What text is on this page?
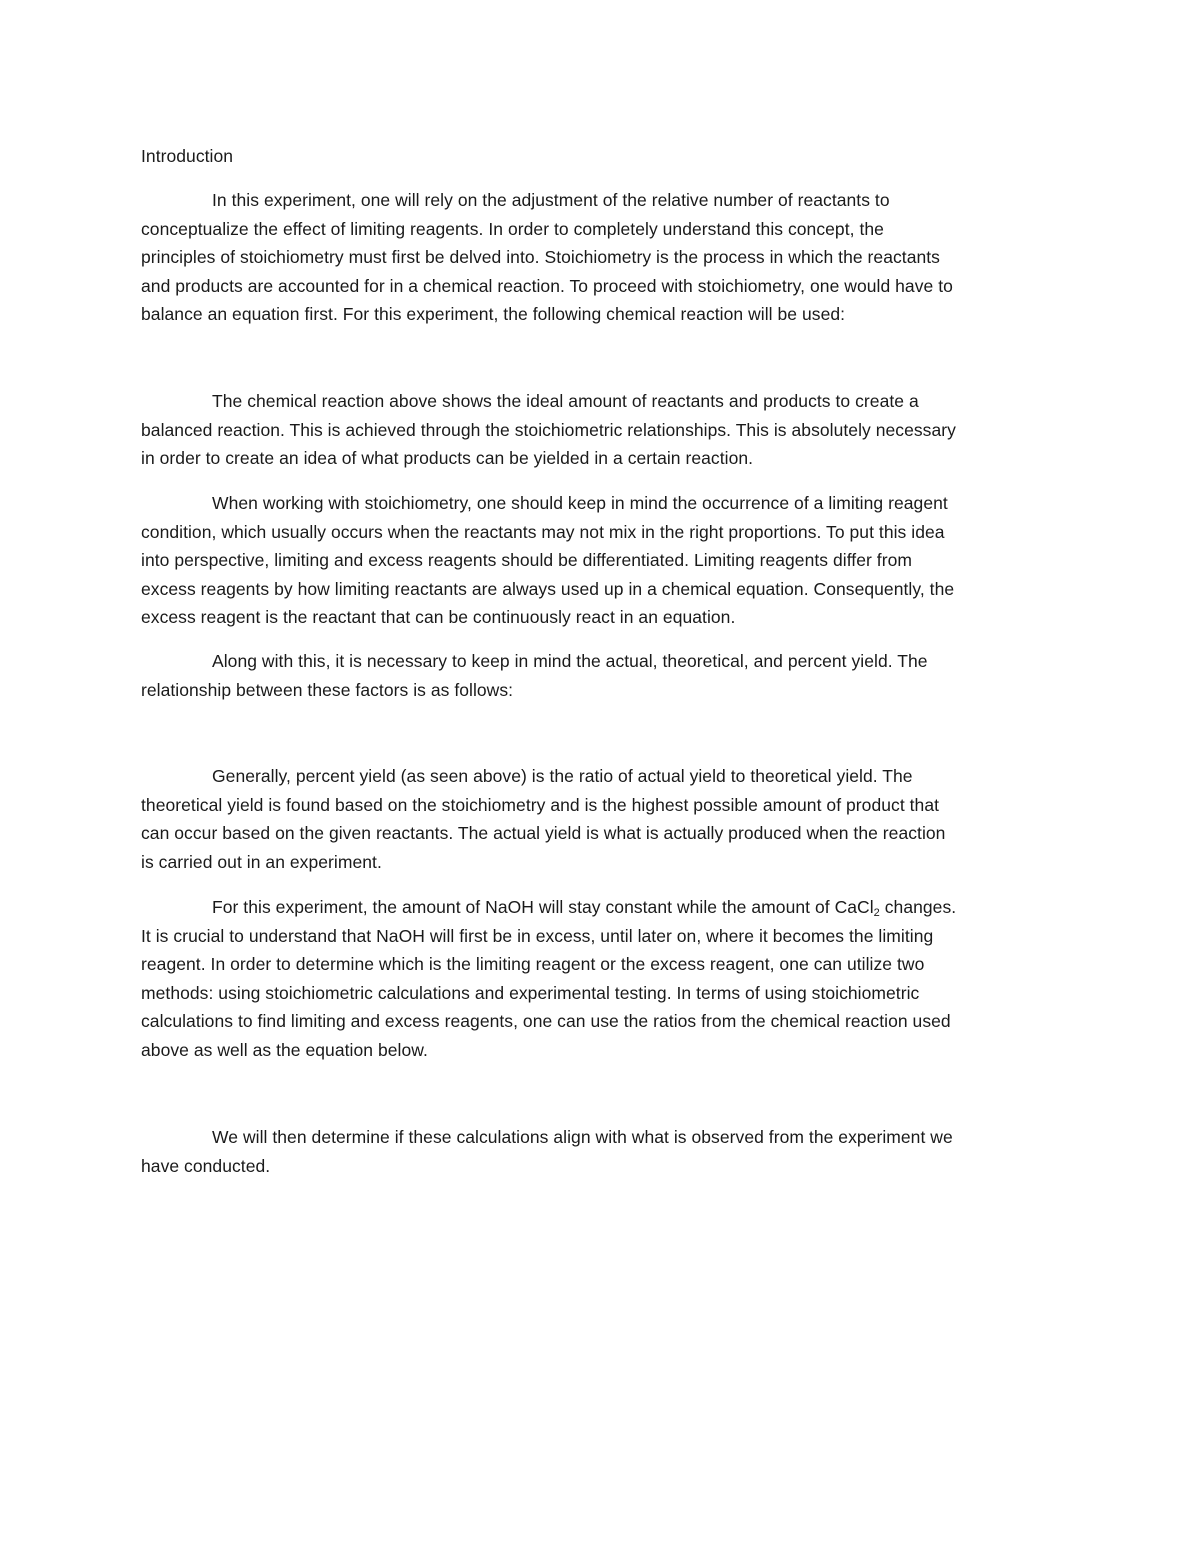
Introduction
In this experiment, one will rely on the adjustment of the relative number of reactants to
conceptualize the effect of limiting reagents. In order to completely understand this concept, the
principles of stoichiometry must first be delved into. Stoichiometry is the process in which the reactants
and products are accounted for in a chemical reaction. To proceed with stoichiometry, one would have to
balance an equation first. For this experiment, the following chemical reaction will be used:
The chemical reaction above shows the ideal amount of reactants and products to create a
balanced reaction. This is achieved through the stoichiometric relationships. This is absolutely necessary
in order to create an idea of what products can be yielded in a certain reaction.
When working with stoichiometry, one should keep in mind the occurrence of a limiting reagent
condition, which usually occurs when the reactants may not mix in the right proportions. To put this idea
into perspective, limiting and excess reagents should be differentiated. Limiting reagents differ from
excess reagents by how limiting reactants are always used up in a chemical equation. Consequently, the
excess reagent is the reactant that can be continuously react in an equation.
Along with this, it is necessary to keep in mind the actual, theoretical, and percent yield. The
relationship between these factors is as follows:
Generally, percent yield (as seen above) is the ratio of actual yield to theoretical yield. The
theoretical yield is found based on the stoichiometry and is the highest possible amount of product that
can occur based on the given reactants. The actual yield is what is actually produced when the reaction
is carried out in an experiment.
For this experiment, the amount of NaOH will stay constant while the amount of CaCl2 changes.
It is crucial to understand that NaOH will first be in excess, until later on, where it becomes the limiting
reagent. In order to determine which is the limiting reagent or the excess reagent, one can utilize two
methods: using stoichiometric calculations and experimental testing. In terms of using stoichiometric
calculations to find limiting and excess reagents, one can use the ratios from the chemical reaction used
above as well as the equation below.
We will then determine if these calculations align with what is observed from the experiment we
have conducted.
